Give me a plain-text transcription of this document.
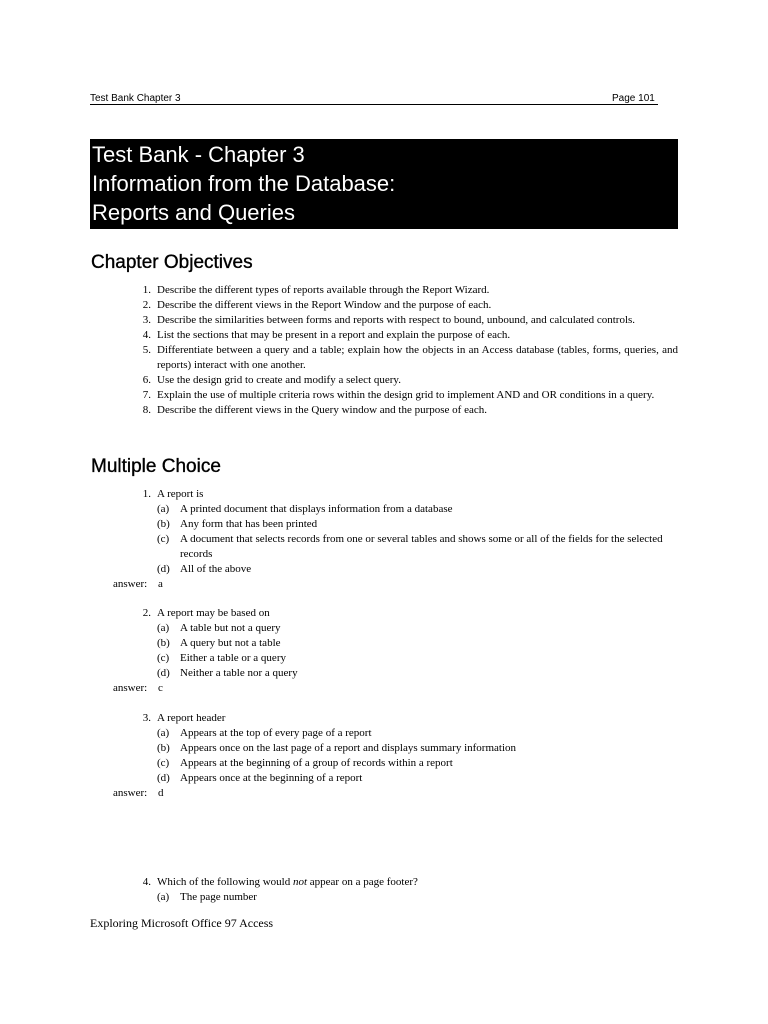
Test Bank Chapter 3	Page 101
Test Bank - Chapter 3
Information from the Database:
Reports and Queries
Chapter Objectives
1. Describe the different types of reports available through the Report Wizard.
2. Describe the different views in the Report Window and the purpose of each.
3. Describe the similarities between forms and reports with respect to bound, unbound, and calculated controls.
4. List the sections that may be present in a report and explain the purpose of each.
5. Differentiate between a query and a table; explain how the objects in an Access database (tables, forms, queries, and reports) interact with one another.
6. Use the design grid to create and modify a select query.
7. Explain the use of multiple criteria rows within the design grid to implement AND and OR conditions in a query.
8. Describe the different views in the Query window and the purpose of each.
Multiple Choice
1. A report is
(a) A printed document that displays information from a database
(b) Any form that has been printed
(c) A document that selects records from one or several tables and shows some or all of the fields for the selected records
(d) All of the above
answer: a
2. A report may be based on
(a) A table but not a query
(b) A query but not a table
(c) Either a table or a query
(d) Neither a table nor a query
answer: c
3. A report header
(a) Appears at the top of every page of a report
(b) Appears once on the last page of a report and displays summary information
(c) Appears at the beginning of a group of records within a report
(d) Appears once at the beginning of a report
answer: d
4. Which of the following would not appear on a page footer?
(a) The page number
Exploring Microsoft Office 97 Access
